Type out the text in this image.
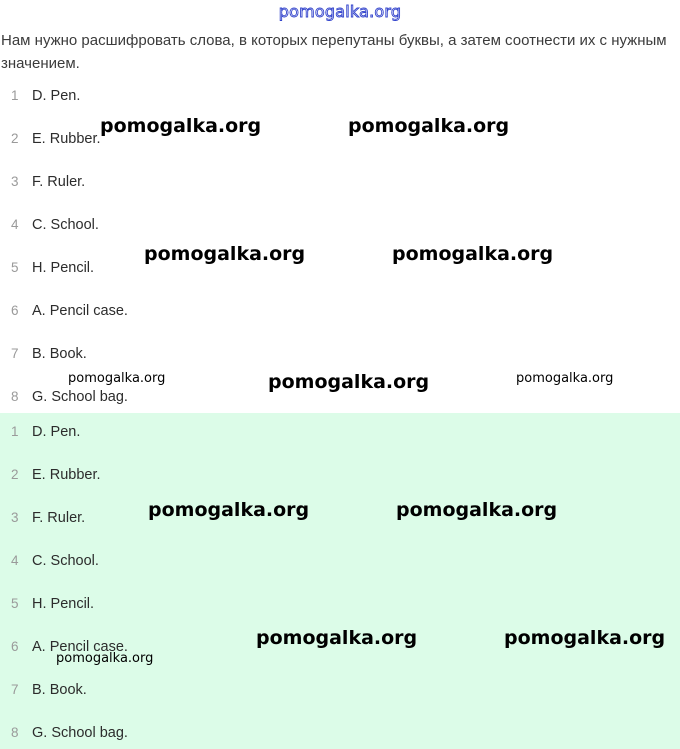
pomogalka.org
Нам нужно расшифровать слова, в которых перепутаны буквы, а затем соотнести их с нужным значением.
1 D. Pen.
2 E. Rubber.
3 F. Ruler.
4 C. School.
5 H. Pencil.
6 A. Pencil case.
7 B. Book.
8 G. School bag.
1 D. Pen.
2 E. Rubber.
3 F. Ruler.
4 C. School.
5 H. Pencil.
6 A. Pencil case.
7 B. Book.
8 G. School bag.
pomogalka.org	pomogalka.org
pomogalka.org	pomogalka.org
pomogalka.org	pomogalka.org	pomogalka.org
pomogalka.org	pomogalka.org
pomogalka.org	pomogalka.org
pomogalka.org
